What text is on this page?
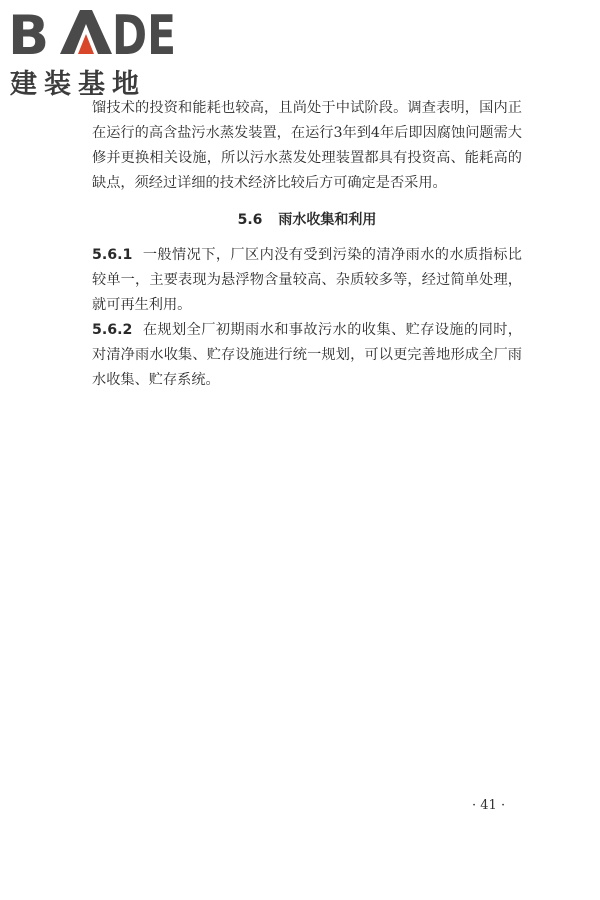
B DE
建装基地

馏技术的投资和能耗也较高，且尚处于中试阶段。调查表明，国内正在运行的高含盐污水蒸发装置，在运行3年到4年后即因腐蚀问题需大修并更换相关设施，所以污水蒸发处理装置都具有投资高、能耗高的缺点，须经过详细的技术经济比较后方可确定是否采用。

5.6 雨水收集和利用

5.6.1 一般情况下，厂区内没有受到污染的清净雨水的水质指标比较单一，主要表现为悬浮物含量较高、杂质较多等，经过简单处理，就可再生利用。

5.6.2 在规划全厂初期雨水和事故污水的收集、贮存设施的同时，对清净雨水收集、贮存设施进行统一规划，可以更完善地形成全厂雨水收集、贮存系统。

· 41 ·
